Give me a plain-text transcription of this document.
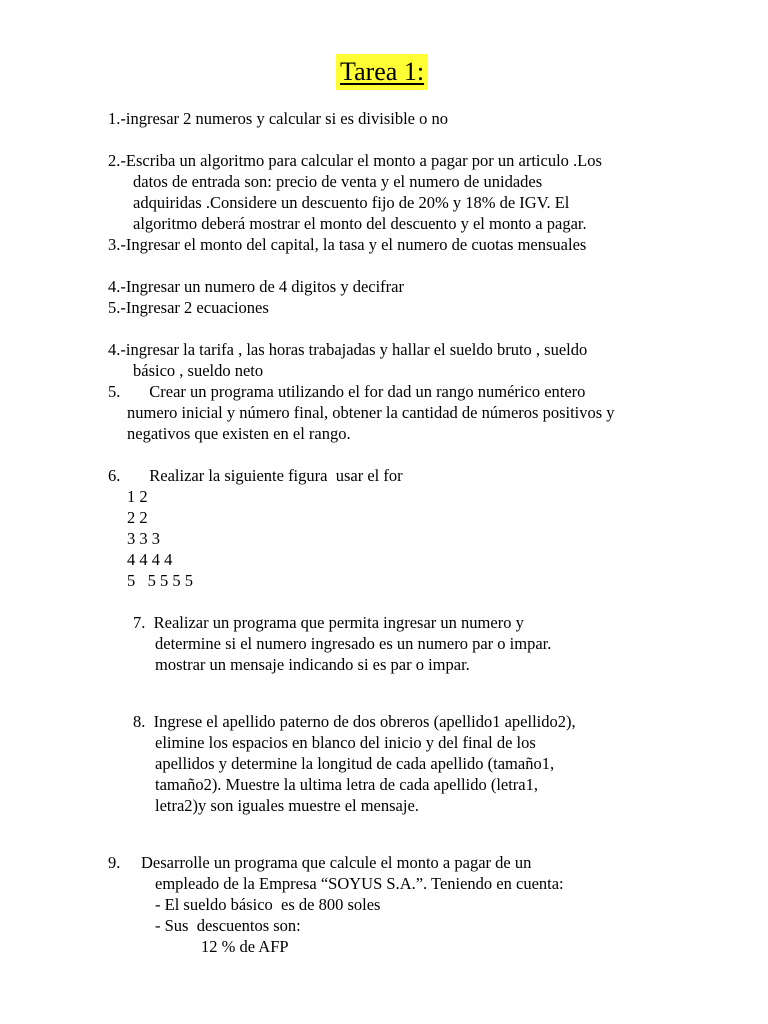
Tarea 1:
1.-ingresar 2 numeros y calcular si es divisible o no
2.-Escriba un algoritmo para calcular el monto a pagar por un articulo .Los
datos de entrada son: precio de venta y el numero de unidades
adquiridas .Considere un descuento fijo de 20% y 18% de IGV. El
algoritmo deberá mostrar el monto del descuento y el monto a pagar.
3.-Ingresar el monto del capital, la tasa y el numero de cuotas mensuales
4.-Ingresar un numero de 4 digitos y decifrar
5.-Ingresar 2 ecuaciones
4.-ingresar la tarifa , las horas trabajadas y hallar el sueldo bruto , sueldo
básico , sueldo neto
5.       Crear un programa utilizando el for dad un rango numérico entero
numero inicial y número final, obtener la cantidad de números positivos y
negativos que existen en el rango.
6.       Realizar la siguiente figura  usar el for
1 2
2 2
3 3 3
4 4 4 4
5   5 5 5 5
7.  Realizar un programa que permita ingresar un numero y
determine si el numero ingresado es un numero par o impar.
mostrar un mensaje indicando si es par o impar.
8.  Ingrese el apellido paterno de dos obreros (apellido1 apellido2),
elimine los espacios en blanco del inicio y del final de los
apellidos y determine la longitud de cada apellido (tamaño1,
tamaño2). Muestre la ultima letra de cada apellido (letra1,
letra2)y son iguales muestre el mensaje.
9.     Desarrolle un programa que calcule el monto a pagar de un
empleado de la Empresa “SOYUS S.A.”. Teniendo en cuenta:
- El sueldo básico  es de 800 soles
- Sus  descuentos son:
12 % de AFP
